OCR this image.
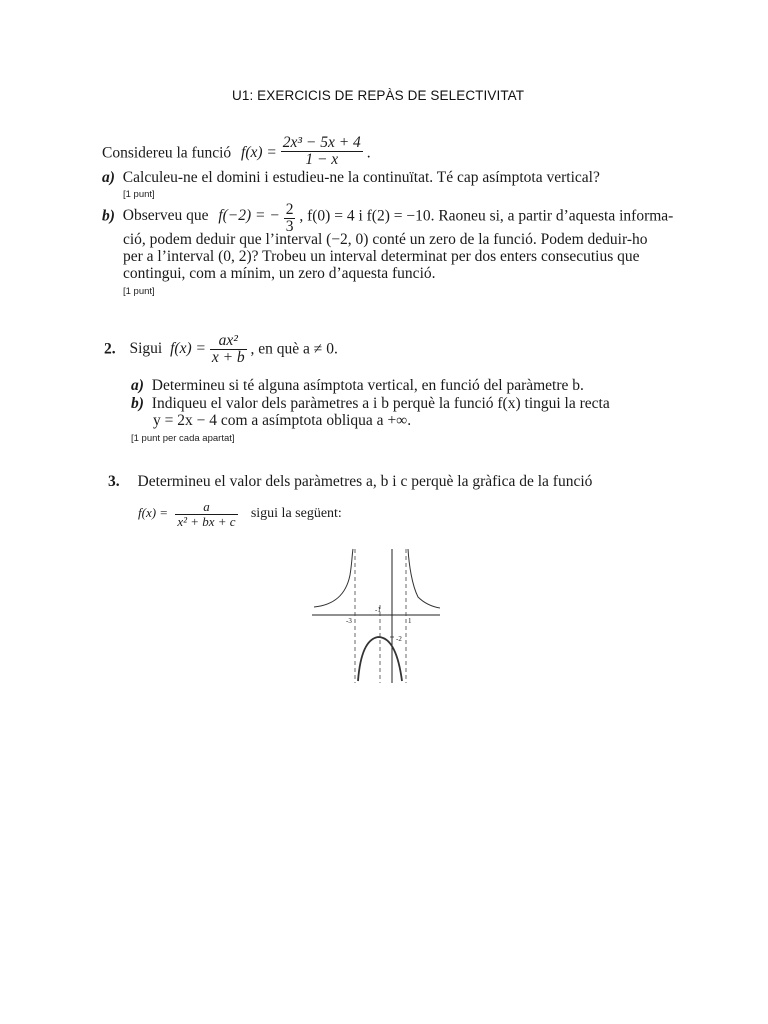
U1: EXERCICIS DE REPÀS DE SELECTIVITAT
Considereu la funció $f(x) = \frac{\text{2x³ − 5x + 4}}{1 - x}$ .
a) Calculeu-ne el domini i estudieu-ne la continuïtat. Té cap asímptota vertical?
[1 punt]
b) Observeu que f(−2) = − $\frac{2}{3}$ , f(0) = 4 i f(2) = −10. Raoneu si, a partir d’aquesta informa-
ció, podem deduir que l’interval (−2, 0) conté un zero de la funció. Podem deduir-ho
per a l’interval (0, 2)? Trobeu un interval determinat per dos enters consecutius que
contingui, com a mínim, un zero d’aquesta funció.
[1 punt]
2. Sigui $f(x) = \frac{\text{ax²}}{x + b}$ , en què a ≠ 0.
a) Determineu si té alguna asímptota vertical, en funció del paràmetre b.
b) Indiqueu el valor dels paràmetres a i b perquè la funció f(x) tingui la recta
y = 2x − 4 com a asímptota obliqua a +∞.
[1 punt per cada apartat]
3. Determineu el valor dels paràmetres a, b i c perquè la gràfica de la funció
$f(x) = \frac{a}{\text{x² + bx + c}}$ sigui la següent:
-3
-1
1
-2
